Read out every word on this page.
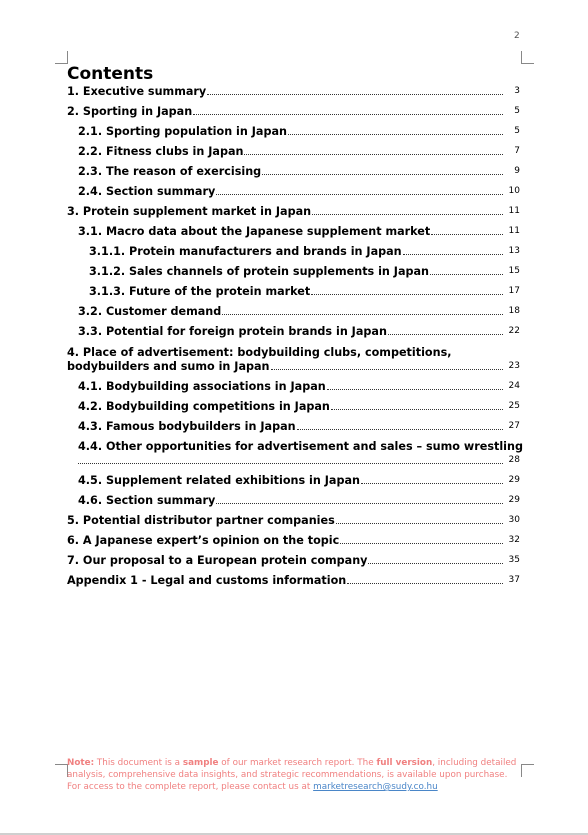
2
Contents
1. Executive summary	3
2. Sporting in Japan	5
2.1. Sporting population in Japan	5
2.2. Fitness clubs in Japan	7
2.3. The reason of exercising	9
2.4. Section summary	10
3. Protein supplement market in Japan	11
3.1. Macro data about the Japanese supplement market	11
3.1.1. Protein manufacturers and brands in Japan	13
3.1.2. Sales channels of protein supplements in Japan	15
3.1.3. Future of the protein market	17
3.2. Customer demand	18
3.3. Potential for foreign protein brands in Japan	22
4. Place of advertisement: bodybuilding clubs, competitions,
bodybuilders and sumo in Japan	23
4.1. Bodybuilding associations in Japan	24
4.2. Bodybuilding competitions in Japan	25
4.3. Famous bodybuilders in Japan	27
4.4. Other opportunities for advertisement and sales – sumo wrestling
28
4.5. Supplement related exhibitions in Japan	29
4.6. Section summary	29
5. Potential distributor partner companies	30
6. A Japanese expert’s opinion on the topic	32
7. Our proposal to a European protein company	35
Appendix 1 - Legal and customs information	37
Note: This document is a sample of our market research report. The full version, including detailed analysis, comprehensive data insights, and strategic recommendations, is available upon purchase. For access to the complete report, please contact us at marketresearch@sudy.co.hu
